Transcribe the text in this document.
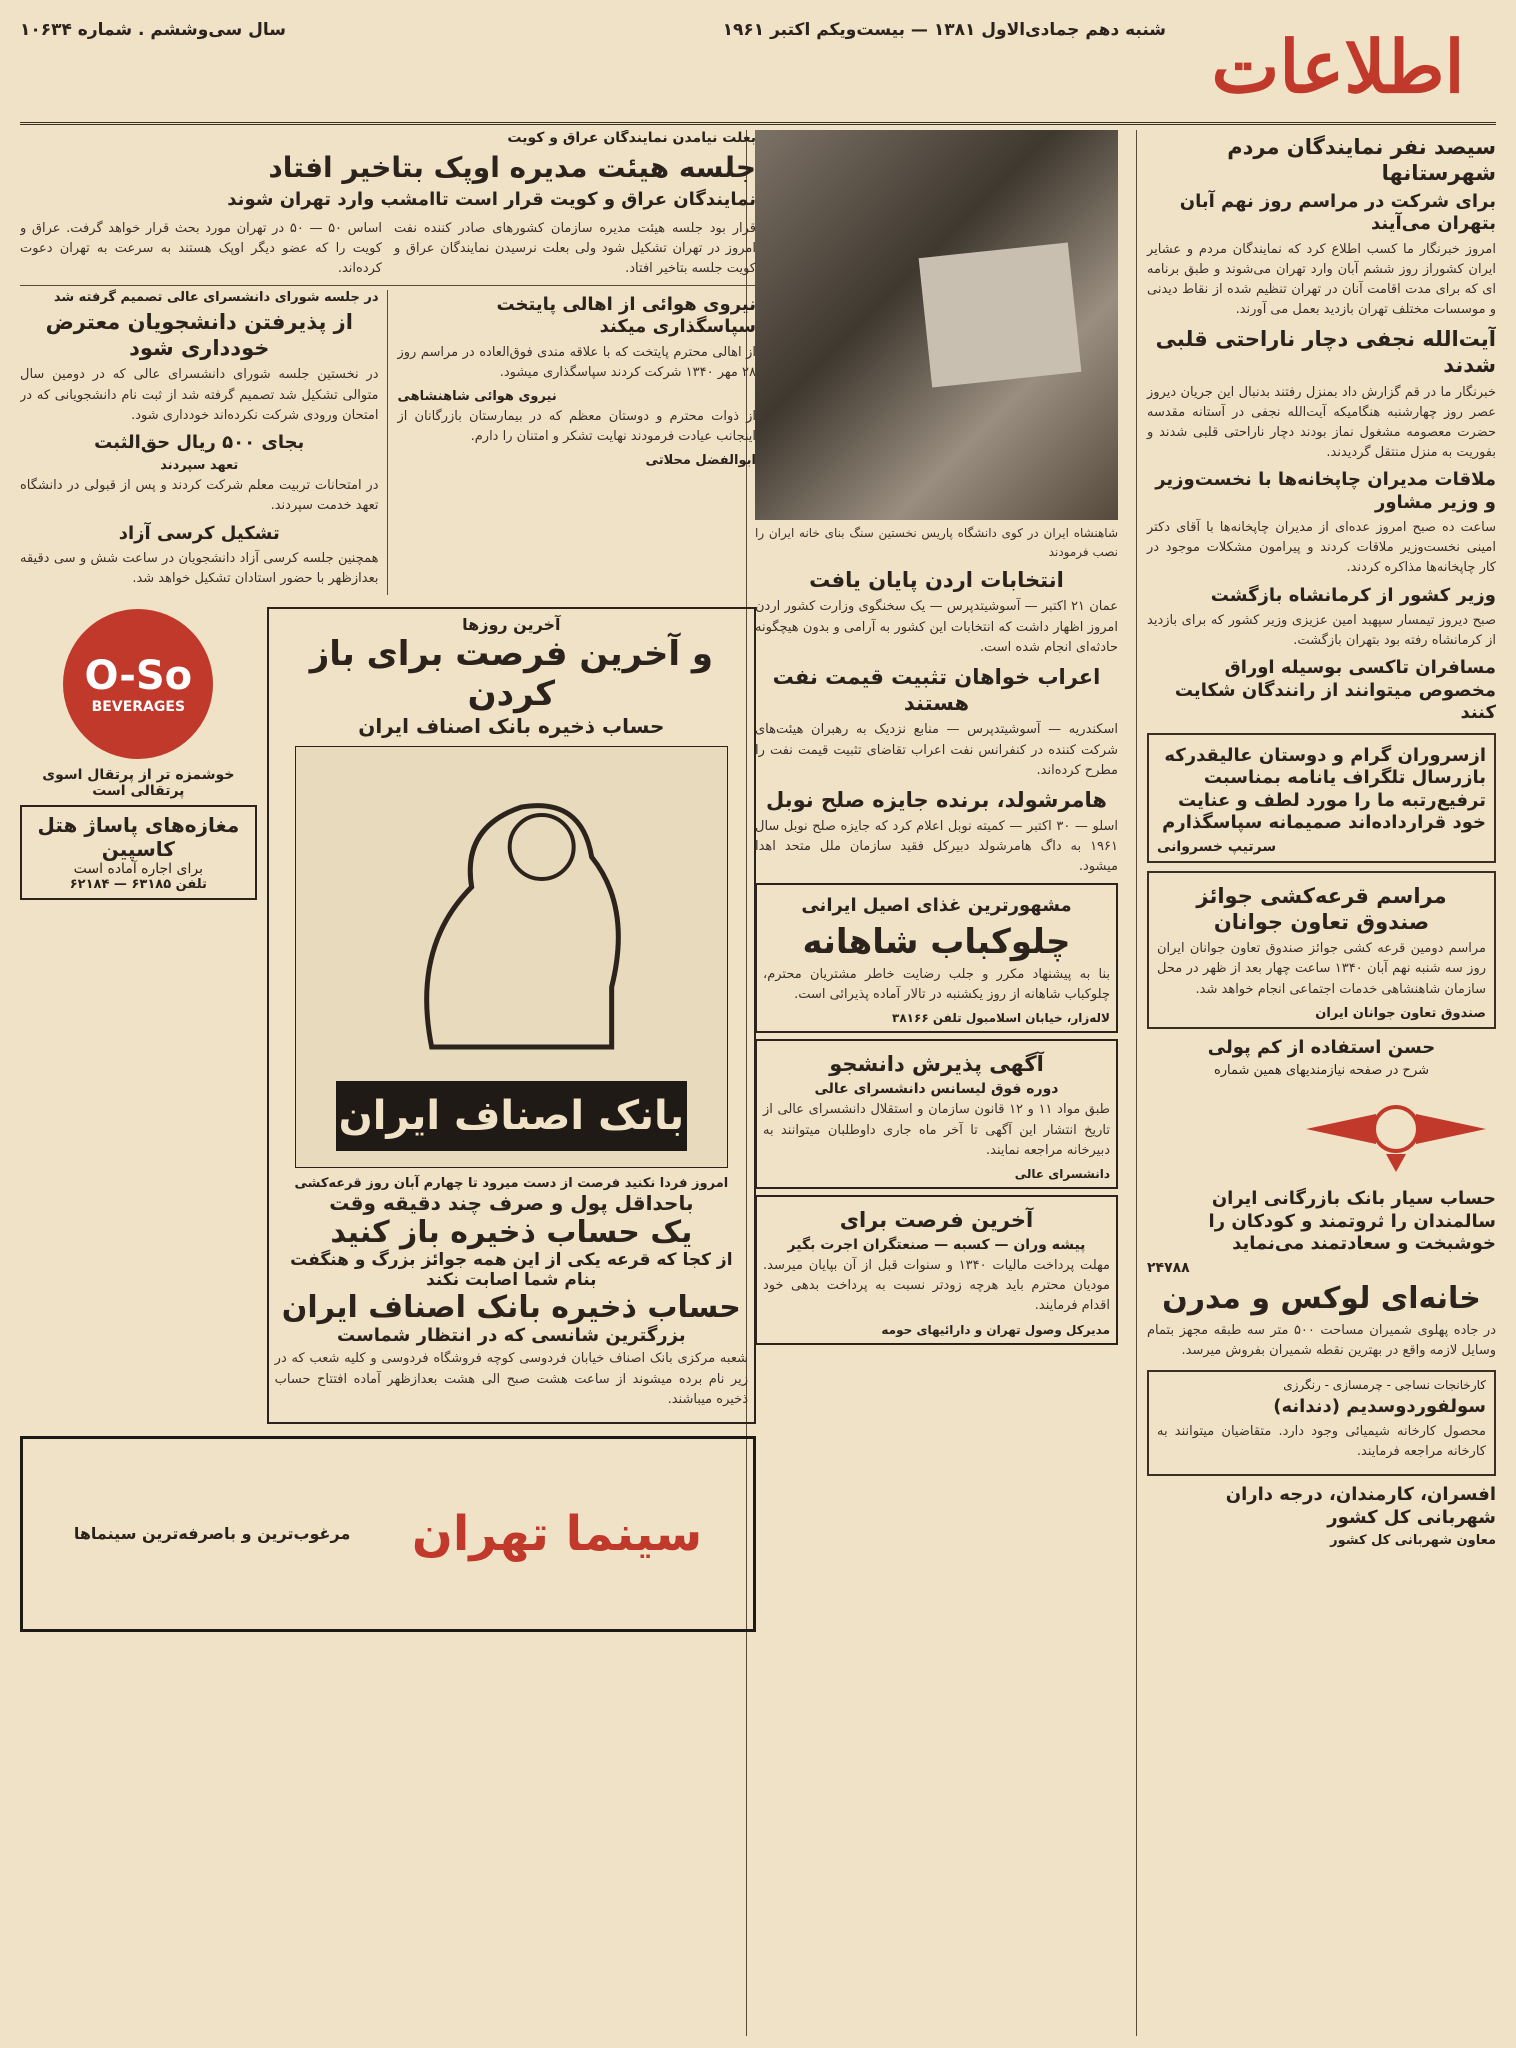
اطلاعات
شنبه دهم جمادی‌الاول ۱۳۸۱ — بیست‌ویکم اکتبر ۱۹۶۱
سال سی‌وششم . شماره ۱۰۶۳۴
سیصد نفر نمایندگان مردم شهرستانها
برای شرکت در مراسم روز نهم آبان بتهران می‌آیند

امروز خبرنگار ما کسب اطلاع کرد که نمایندگان مردم و عشایر ایران کشوراز روز ششم آبان وارد تهران می‌شوند و طبق برنامه ای که برای مدت اقامت آنان در تهران تنظیم شده از نقاط دیدنی و موسسات مختلف تهران بازدید بعمل می آورند.

آیت‌الله نجفی دچار ناراحتی قلبی شدند

خبرنگار ما در قم گزارش داد بمنزل رفتند بدنبال این جریان دیروز عصر روز چهارشنبه هنگامیکه آیت‌الله نجفی در آستانه مقدسه حضرت معصومه مشغول نماز بودند دچار ناراحتی قلبی شدند و بفوریت به منزل منتقل گردیدند.

ملاقات مدیران چاپخانه‌ها با نخست‌وزیر و وزیر مشاور

ساعت ده صبح امروز عده‌ای از مدیران چاپخانه‌ها با آقای دکتر امینی نخست‌وزیر ملاقات کردند و پیرامون مشکلات موجود در کار چاپخانه‌ها مذاکره کردند.

وزیر کشور از کرمانشاه بازگشت

صبح دیروز تیمسار سپهبد امین عزیزی وزیر کشور که برای بازدید از کرمانشاه رفته بود بتهران بازگشت.

مسافران تاکسی بوسیله اوراق مخصوص میتوانند از رانندگان شکایت کنند
ازسروران گرام و دوستان عالیقدرکه بازرسال تلگراف یانامه بمناسبت ترفیع‌رتبه ما را مورد لطف و عنایت خود قرارداده‌اند صمیمانه سپاسگذارم
سرتیپ خسروانی
مراسم قرعه‌کشی جوائز صندوق تعاون جوانان

مراسم دومین قرعه کشی جوائز صندوق تعاون جوانان ایران روز سه شنبه نهم آبان ۱۳۴۰ ساعت چهار بعد از ظهر در محل سازمان شاهنشاهی خدمات اجتماعی انجام خواهد شد.

صندوق تعاون جوانان ایران
حسن استفاده از کم پولی
شرح در صفحه نیازمندیهای همین شماره
حساب سیار بانک بازرگانی ایران سالمندان را ثروتمند و کودکان را خوشبخت و سعادتمند می‌نماید
۲۴۷۸۸
خانه‌ای لوکس و مدرن

در جاده پهلوی شمیران مساحت ۵۰۰ متر سه طبقه مجهز بتمام وسایل لازمه واقع در بهترین نقطه شمیران بفروش میرسد.

کارخانجات نساجی - چرمسازی - رنگرزی
سولفوردوسدیم (دندانه)

محصول کارخانه شیمیائی وجود دارد. متقاضیان میتوانند به کارخانه مراجعه فرمایند.

افسران، کارمندان، درجه داران شهربانی کل کشور
معاون شهربانی کل کشور

شاهنشاه ایران در کوی دانشگاه پاریس نخستین سنگ بنای خانه ایران را نصب فرمودند

انتخابات اردن پایان یافت

عمان ۲۱ اکتبر — آسوشیتدپرس — یک سخنگوی وزارت کشور اردن امروز اظهار داشت که انتخابات این کشور به آرامی و بدون هیچگونه حادثه‌ای انجام شده است.

اعراب خواهان تثبیت قیمت نفت هستند

اسکندریه — آسوشیتدپرس — منابع نزدیک به رهبران هیئت‌های شرکت کننده در کنفرانس نفت اعراب تقاضای تثبیت قیمت نفت را مطرح کرده‌اند.

هامرشولد، برنده جایزه صلح نوبل

اسلو — ۳۰ اکتبر — کمیته نوبل اعلام کرد که جایزه صلح نوبل سال ۱۹۶۱ به داگ هامرشولد دبیرکل فقید سازمان ملل متحد اهدا میشود.

مشهورترین غذای اصیل ایرانی
چلوکباب شاهانه

بنا به پیشنهاد مکرر و جلب رضایت خاطر مشتریان محترم، چلوکباب شاهانه از روز یکشنبه در تالار آماده پذیرائی است.

لاله‌زار، خیابان اسلامبول تلفن ۳۸۱۶۶
آگهی پذیرش دانشجو
دوره فوق لیسانس دانشسرای عالی

طبق مواد ۱۱ و ۱۲ قانون سازمان و استقلال دانشسرای عالی از تاریخ انتشار این آگهی تا آخر ماه جاری داوطلبان میتوانند به دبیرخانه مراجعه نمایند.

دانشسرای عالی
آخرین فرصت برای
پیشه وران — کسبه — صنعتگران اجرت بگیر

مهلت پرداخت مالیات ۱۳۴۰ و سنوات قبل از آن بپایان میرسد. مودیان محترم باید هرچه زودتر نسبت به پرداخت بدهی خود اقدام فرمایند.

مدیرکل وصول تهران و دارائیهای حومه
بعلت نیامدن نمایندگان عراق و کویت
جلسه هیئت مدیره اوپک بتاخیر افتاد
نمایندگان عراق و کویت قرار است تاامشب وارد تهران شوند

قرار بود جلسه هیئت مدیره سازمان کشورهای صادر کننده نفت امروز در تهران تشکیل شود ولی بعلت نرسیدن نمایندگان عراق و کویت جلسه بتاخیر افتاد.

اساس ۵۰ — ۵۰ در تهران مورد بحث قرار خواهد گرفت. عراق و کویت را که عضو دیگر اوپک هستند به سرعت به تهران دعوت کرده‌اند.

نیروی هوائی از اهالی پایتخت سپاسگذاری میکند

از اهالی محترم پایتخت که با علاقه مندی فوق‌العاده در مراسم روز ۲۸ مهر ۱۳۴۰ شرکت کردند سپاسگذاری میشود.

نیروی هوائی شاهنشاهی

از ذوات محترم و دوستان معظم که در بیمارستان بازرگانان از اینجانب عیادت فرمودند نهایت تشکر و امتنان را دارم.

ابوالفضل محلاتی
در جلسه شورای دانشسرای عالی تصمیم گرفته شد
از پذیرفتن دانشجویان معترض خودداری شود

در نخستین جلسه شورای دانشسرای عالی که در دومین سال متوالی تشکیل شد تصمیم گرفته شد از ثبت نام دانشجویانی که در امتحان ورودی شرکت نکرده‌اند خودداری شود.

بجای ۵۰۰ ریال حق‌الثبت
تعهد سپردند

در امتحانات تربیت معلم شرکت کردند و پس از قبولی در دانشگاه تعهد خدمت سپردند.

تشکیل کرسی آزاد

همچنین جلسه کرسی آزاد دانشجویان در ساعت شش و سی دقیقه بعدازظهر با حضور استادان تشکیل خواهد شد.

آخرین روزها
و آخرین فرصت برای باز کردن
حساب ذخیره بانک اصناف ایران
بانک اصناف ایران
امروز فردا نکنید فرصت از دست میرود تا چهارم آبان روز قرعه‌کشی
باحداقل پول و صرف چند دقیقه وقت
یک حساب ذخیره باز کنید
از کجا که قرعه یکی از این همه جوائز بزرگ و هنگفت بنام شما اصابت نکند
حساب ذخیره بانک اصناف ایران
بزرگترین شانسی که در انتظار شماست

شعبه مرکزی بانک اصناف خیابان فردوسی کوچه فروشگاه فردوسی و کلیه شعب که در زیر نام برده میشوند از ساعت هشت صبح الی هشت بعدازظهر آماده افتتاح حساب ذخیره میباشند.

O-So
BEVERAGES
خوشمزه تر از پرتقال اسوی پرتقالی است
مغازه‌های پاساژ هتل کاسپین
برای اجاره آماده است
تلفن ۶۳۱۸۵ — ۶۲۱۸۴
سینما تهران
مرغوب‌ترین و باصرفه‌ترین سینماها
